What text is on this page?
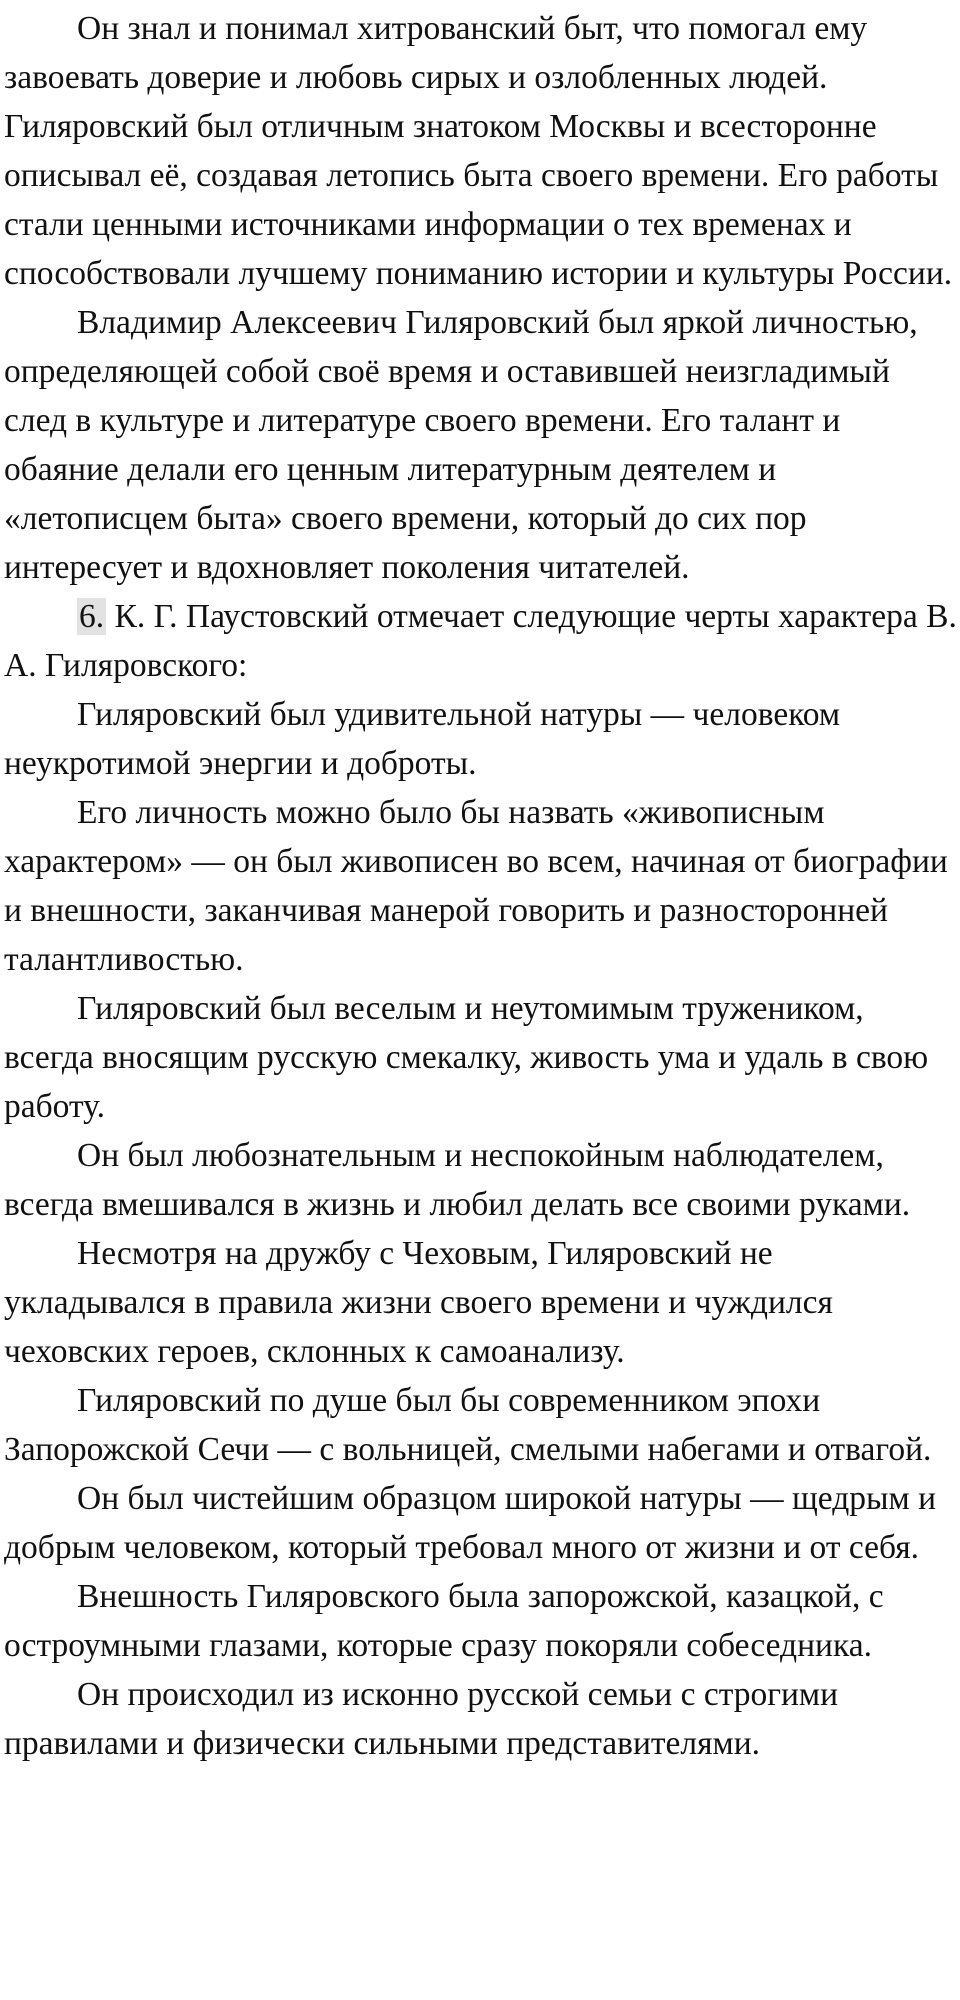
Он знал и понимал хитрованский быт, что помогал ему завоевать доверие и любовь сирых и озлобленных людей. Гиляровский был отличным знатоком Москвы и всесторонне описывал её, создавая летопись быта своего времени. Его работы стали ценными источниками информации о тех временах и способствовали лучшему пониманию истории и культуры России.

Владимир Алексеевич Гиляровский был яркой личностью, определяющей собой своё время и оставившей неизгладимый след в культуре и литературе своего времени. Его талант и обаяние делали его ценным литературным деятелем и «летописцем быта» своего времени, который до сих пор интересует и вдохновляет поколения читателей.

6. К. Г. Паустовский отмечает следующие черты характера В. А. Гиляровского:

Гиляровский был удивительной натуры — человеком неукротимой энергии и доброты.

Его личность можно было бы назвать «живописным характером» — он был живописен во всем, начиная от биографии и внешности, заканчивая манерой говорить и разносторонней талантливостью.

Гиляровский был веселым и неутомимым тружеником, всегда вносящим русскую смекалку, живость ума и удаль в свою работу.

Он был любознательным и неспокойным наблюдателем, всегда вмешивался в жизнь и любил делать все своими руками.

Несмотря на дружбу с Чеховым, Гиляровский не укладывался в правила жизни своего времени и чуждился чеховских героев, склонных к самоанализу.

Гиляровский по душе был бы современником эпохи Запорожской Сечи — с вольницей, смелыми набегами и отвагой.

Он был чистейшим образцом широкой натуры — щедрым и добрым человеком, который требовал много от жизни и от себя.

Внешность Гиляровского была запорожской, казацкой, с остроумными глазами, которые сразу покоряли собеседника.

Он происходил из исконно русской семьи с строгими правилами и физически сильными представителями.
